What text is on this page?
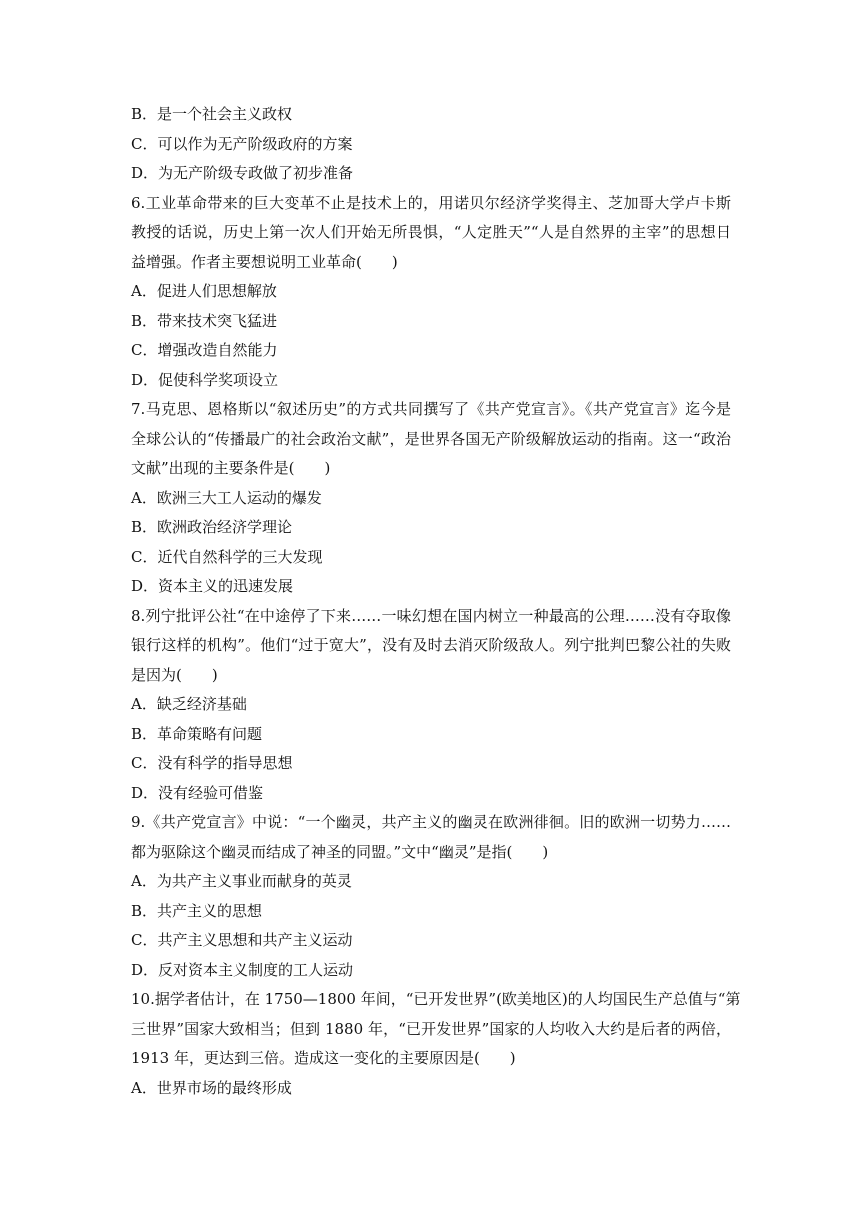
B．是一个社会主义政权
C．可以作为无产阶级政府的方案
D．为无产阶级专政做了初步准备
6.工业革命带来的巨大变革不止是技术上的，用诺贝尔经济学奖得主、芝加哥大学卢卡斯
教授的话说，历史上第一次人们开始无所畏惧，“人定胜天”“人是自然界的主宰”的思想日
益增强。作者主要想说明工业革命(　　)
A．促进人们思想解放
B．带来技术突飞猛进
C．增强改造自然能力
D．促使科学奖项设立
7.马克思、恩格斯以“叙述历史”的方式共同撰写了《共产党宣言》。《共产党宣言》迄今是
全球公认的“传播最广的社会政治文献”，是世界各国无产阶级解放运动的指南。这一“政治
文献”出现的主要条件是(　　)
A．欧洲三大工人运动的爆发
B．欧洲政治经济学理论
C．近代自然科学的三大发现
D．资本主义的迅速发展
8.列宁批评公社“在中途停了下来……一味幻想在国内树立一种最高的公理……没有夺取像
银行这样的机构”。他们“过于宽大”，没有及时去消灭阶级敌人。列宁批判巴黎公社的失败
是因为(　　)
A．缺乏经济基础
B．革命策略有问题
C．没有科学的指导思想
D．没有经验可借鉴
9.《共产党宣言》中说：“一个幽灵，共产主义的幽灵在欧洲徘徊。旧的欧洲一切势力……
都为驱除这个幽灵而结成了神圣的同盟。”文中“幽灵”是指(　　)
A．为共产主义事业而献身的英灵
B．共产主义的思想
C．共产主义思想和共产主义运动
D．反对资本主义制度的工人运动
10.据学者估计，在 1750—1800 年间，“已开发世界”(欧美地区)的人均国民生产总值与“第
三世界”国家大致相当；但到 1880 年，“已开发世界”国家的人均收入大约是后者的两倍，
1913 年，更达到三倍。造成这一变化的主要原因是(　　)
A．世界市场的最终形成
